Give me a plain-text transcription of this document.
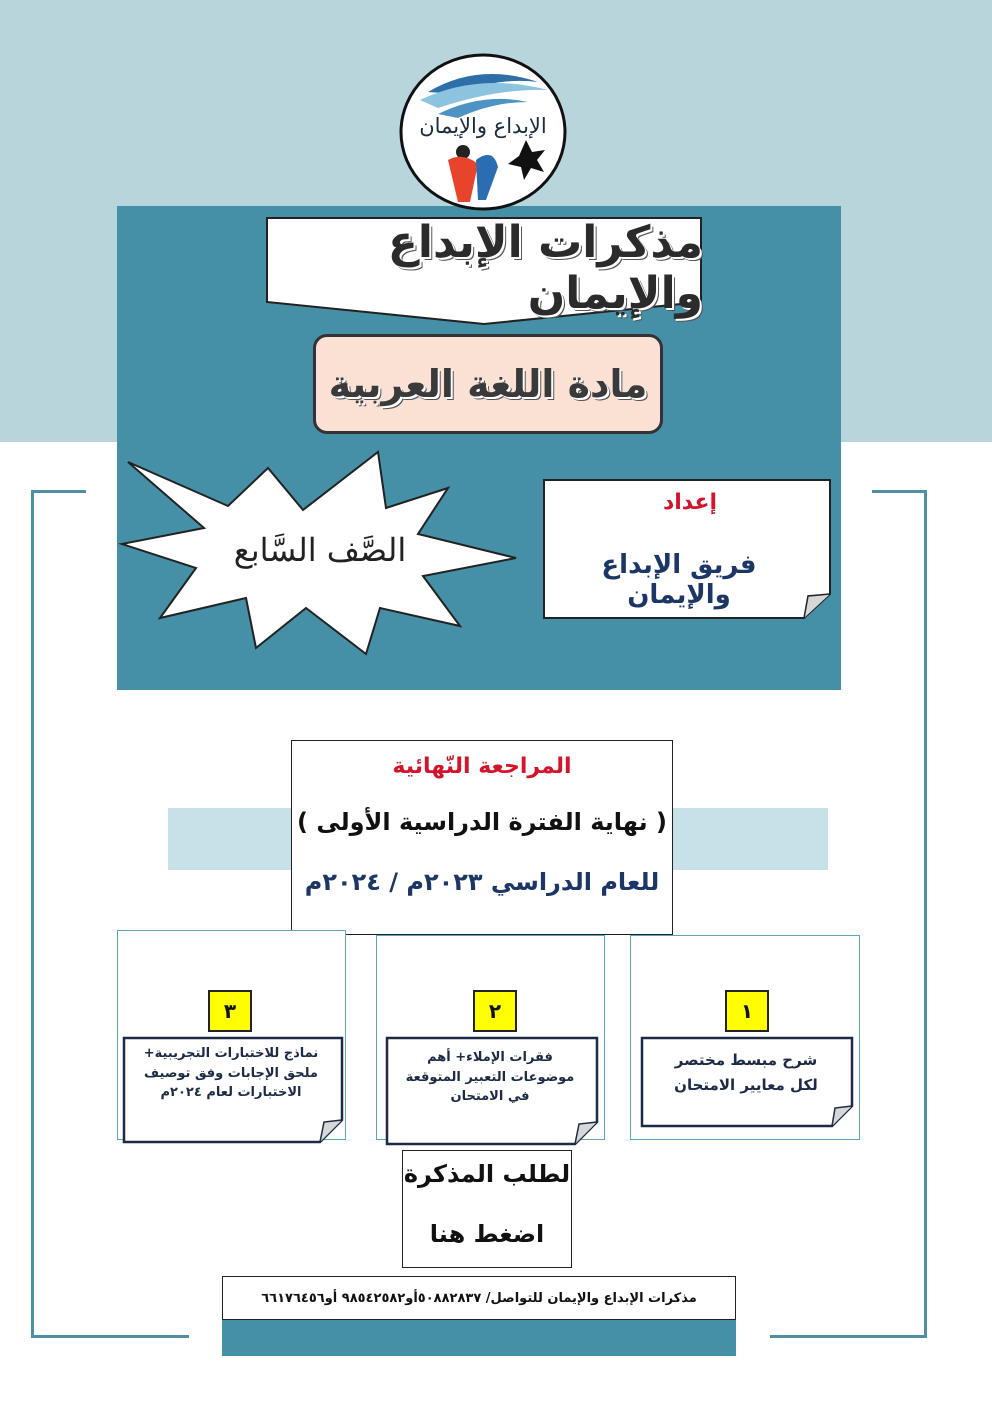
الإبداع والإيمان
مذكرات الإبداع والإيمان
مادة اللغة العربية
الصَّف السَّابع
إعداد
فريق الإبداع والإيمان
المراجعة النّهائية
( نهاية الفترة الدراسية الأولى )
للعام الدراسي ٢٠٢٣م / ٢٠٢٤م
٣
نماذج للاختبارات التجريبية+
ملحق الإجابات وفق توصيف
الاختبارات لعام ٢٠٢٤م
٢
فقرات الإملاء+ أهم
موضوعات التعبير المتوقعة
في الامتحان
١
شرح مبسط مختصر
لكل معايير الامتحان
لطلب المذكرة
اضغط هنا
مذكرات الإبداع والإيمان للتواصل/ ٥٠٨٨٢٨٣٧أو٩٨٥٤٢٥٨٢ أو٦٦١٧٦٤٥٦
